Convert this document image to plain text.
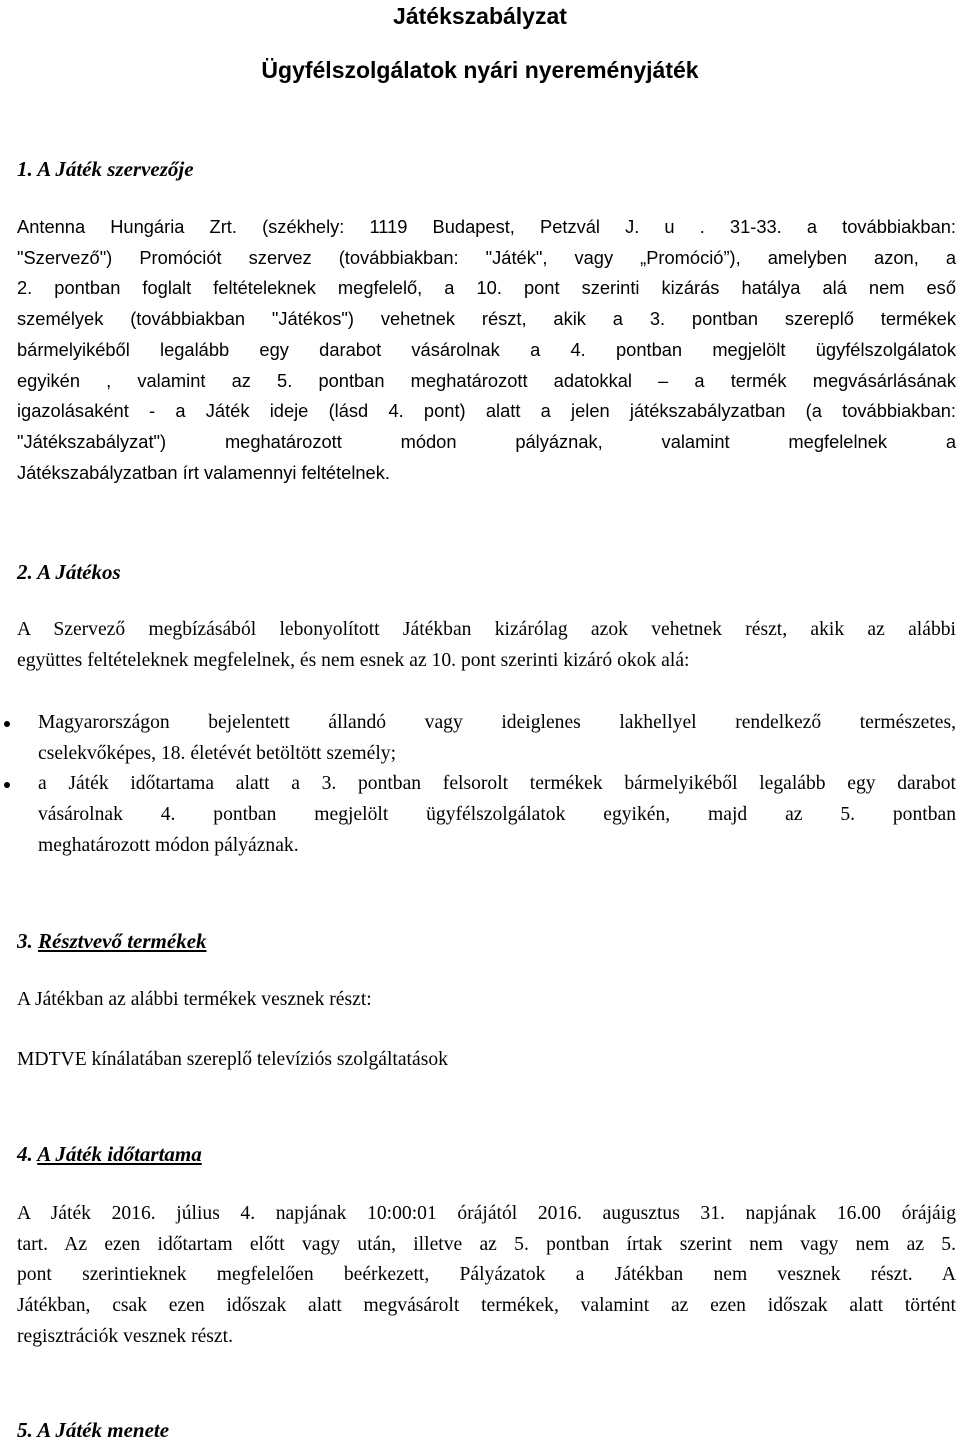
Játékszabályzat
Ügyfélszolgálatok nyári nyereményjáték
1. A Játék szervezője
Antenna Hungária Zrt. (székhely: 1119 Budapest, Petzvál J. u . 31-33. a továbbiakban:
"Szervező") Promóciót szervez (továbbiakban: "Játék", vagy „Promóció”), amelyben azon, a
2. pontban foglalt feltételeknek megfelelő, a 10. pont szerinti kizárás hatálya alá nem eső
személyek (továbbiakban "Játékos") vehetnek részt, akik a 3. pontban szereplő termékek
bármelyikéből legalább egy darabot vásárolnak a 4. pontban megjelölt ügyfélszolgálatok
egyikén , valamint az 5. pontban meghatározott adatokkal – a termék megvásárlásának
igazolásaként - a Játék ideje (lásd 4. pont) alatt a jelen játékszabályzatban (a továbbiakban:
"Játékszabályzat") meghatározott módon pályáznak, valamint megfelelnek a
Játékszabályzatban írt valamennyi feltételnek.
2. A Játékos
A Szervező megbízásából lebonyolított Játékban kizárólag azok vehetnek részt, akik az alábbi
együttes feltételeknek megfelelnek, és nem esnek az 10. pont szerinti kizáró okok alá:
Magyarországon bejelentett állandó vagy ideiglenes lakhellyel rendelkező természetes,
cselekvőképes, 18. életévét betöltött személy;
a Játék időtartama alatt a 3. pontban felsorolt termékek bármelyikéből legalább egy darabot
vásárolnak 4. pontban megjelölt ügyfélszolgálatok egyikén, majd az 5. pontban
meghatározott módon pályáznak.
3. Résztvevő termékek

A Játékban az alábbi termékek vesznek részt:

MDTVE kínálatában szereplő televíziós szolgáltatások

4. A Játék időtartama
A Játék 2016. július 4. napjának 10:00:01 órájától 2016. augusztus 31. napjának 16.00 órájáig
tart. Az ezen időtartam előtt vagy után, illetve az 5. pontban írtak szerint nem vagy nem az 5.
pont szerintieknek megfelelően beérkezett, Pályázatok a Játékban nem vesznek részt. A
Játékban, csak ezen időszak alatt megvásárolt termékek, valamint az ezen időszak alatt történt
regisztrációk vesznek részt.
5. A Játék menete
